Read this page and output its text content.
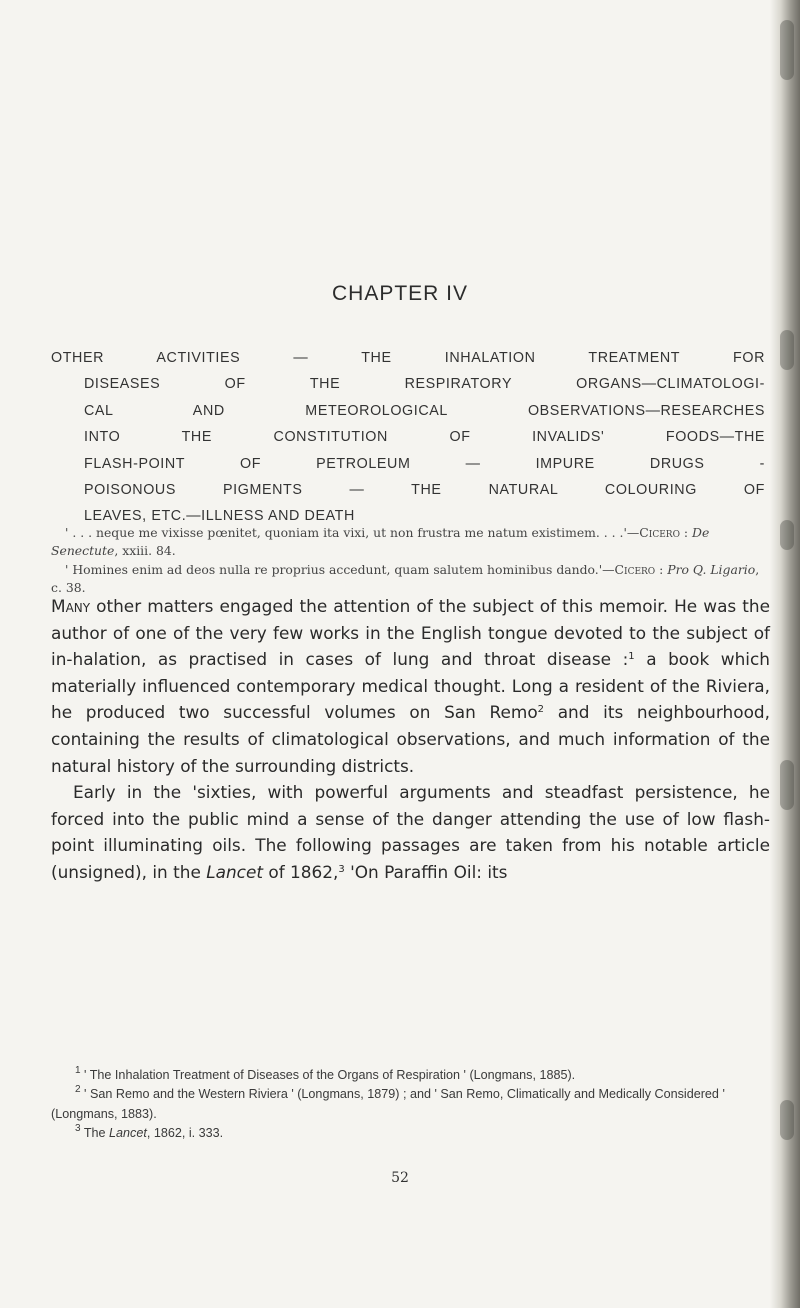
CHAPTER IV
OTHER ACTIVITIES — THE INHALATION TREATMENT FOR
DISEASES OF THE RESPIRATORY ORGANS—CLIMATOLOGI-
CAL AND METEOROLOGICAL OBSERVATIONS—RESEARCHES
INTO THE CONSTITUTION OF INVALIDS' FOODS—THE
FLASH-POINT OF PETROLEUM — IMPURE DRUGS -
POISONOUS PIGMENTS — THE NATURAL COLOURING OF
LEAVES, ETC.—ILLNESS AND DEATH

' . . . neque me vixisse pœnitet, quoniam ita vixi, ut non frustra me natum existimem. . . .'—Cicero : De Senectute, xxiii. 84.

' Homines enim ad deos nulla re proprius accedunt, quam salutem hominibus dando.'—Cicero : Pro Q. Ligario, c. 38.

Many other matters engaged the attention of the subject of this memoir. He was the author of one of the very few works in the English tongue devoted to the subject of in-halation, as practised in cases of lung and throat disease :$^1$ a book which materially influenced contemporary medical thought. Long a resident of the Riviera, he produced two successful volumes on San Remo$^2$ and its neighbourhood, containing the results of climatological observations, and much information of the natural history of the surrounding districts.

Early in the 'sixties, with powerful arguments and steadfast persistence, he forced into the public mind a sense of the danger attending the use of low flash-point illuminating oils. The following passages are taken from his notable article (unsigned), in the Lancet of 1862,$^3$ 'On Paraffin Oil: its

$^1$ ' The Inhalation Treatment of Diseases of the Organs of Respiration ' (Longmans, 1885).

$^2$ ' San Remo and the Western Riviera ' (Longmans, 1879) ; and ' San Remo, Climatically and Medically Considered ' (Longmans, 1883).

$^3$ The Lancet, 1862, i. 333.

52
